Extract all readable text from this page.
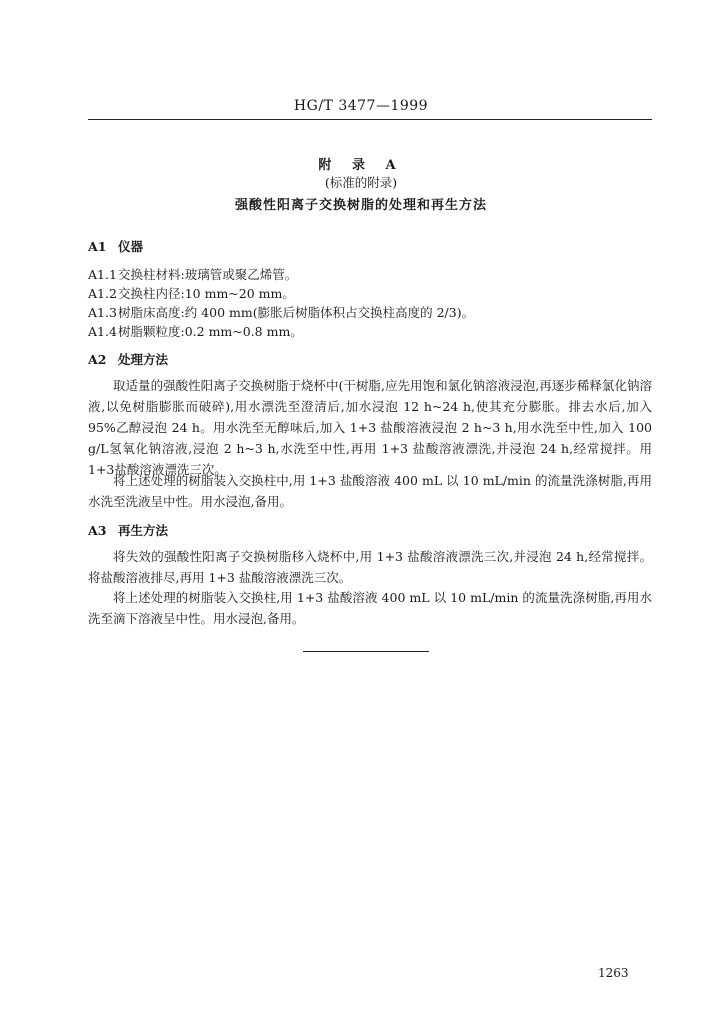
HG/T 3477—1999
附 录 A
(标准的附录)
强酸性阳离子交换树脂的处理和再生方法
A1 仪器
A1.1交换柱材料:玻璃管或聚乙烯管。
A1.2交换柱内径:10 mm~20 mm。
A1.3树脂床高度:约 400 mm(膨胀后树脂体积占交换柱高度的 2/3)。
A1.4树脂颗粒度:0.2 mm~0.8 mm。
A2 处理方法
取适量的强酸性阳离子交换树脂于烧杯中(干树脂,应先用饱和氯化钠溶液浸泡,再逐步稀释氯化钠溶液,以免树脂膨胀而破碎),用水漂洗至澄清后,加水浸泡 12 h~24 h,使其充分膨胀。排去水后,加入 95%乙醇浸泡 24 h。用水洗至无醇味后,加入 1+3 盐酸溶液浸泡 2 h~3 h,用水洗至中性,加入 100 g/L氢氧化钠溶液,浸泡 2 h~3 h,水洗至中性,再用 1+3 盐酸溶液漂洗,并浸泡 24 h,经常搅拌。用 1+3盐酸溶液漂洗三次。
将上述处理的树脂装入交换柱中,用 1+3 盐酸溶液 400 mL 以 10 mL/min 的流量洗涤树脂,再用水洗至洗液呈中性。用水浸泡,备用。
A3 再生方法
将失效的强酸性阳离子交换树脂移入烧杯中,用 1+3 盐酸溶液漂洗三次,并浸泡 24 h,经常搅拌。将盐酸溶液排尽,再用 1+3 盐酸溶液漂洗三次。
将上述处理的树脂装入交换柱,用 1+3 盐酸溶液 400 mL 以 10 mL/min 的流量洗涤树脂,再用水洗至滴下溶液呈中性。用水浸泡,备用。
1263
